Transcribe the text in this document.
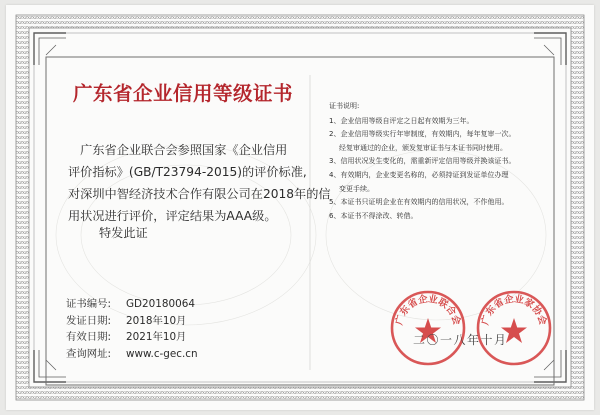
广东省企业信用等级证书

　广东省企业联合会参照国家《企业信用

评价指标》(GB/T23794-2015)的评价标准,

对深圳中智经济技术合作有限公司在2018年的信

用状况进行评价，评定结果为AAA级。

特发此证
证书编号:	GD20180064
发证日期:	2018年10月
有效日期:	2021年10月
查询网址:	www.c-gec.cn
证书说明:
1、企业信用等级自评定之日起有效期为三年。
2、企业信用等级实行年审制度，有效期内，每年复审一次。
经复审通过的企业，颁发复审证书与本证书同时使用。
3、信用状况发生变化的，需重新评定信用等级并换该证书。
4、有效期内，企业变更名称的，必须持证到发证单位办理
变更手续。
5、本证书只证明企业在有效期内的信用状况，不作他用。
6、本证书不得涂改、转借。
广东省企业联合会 广东省企业家协会
二〇一八年十月
